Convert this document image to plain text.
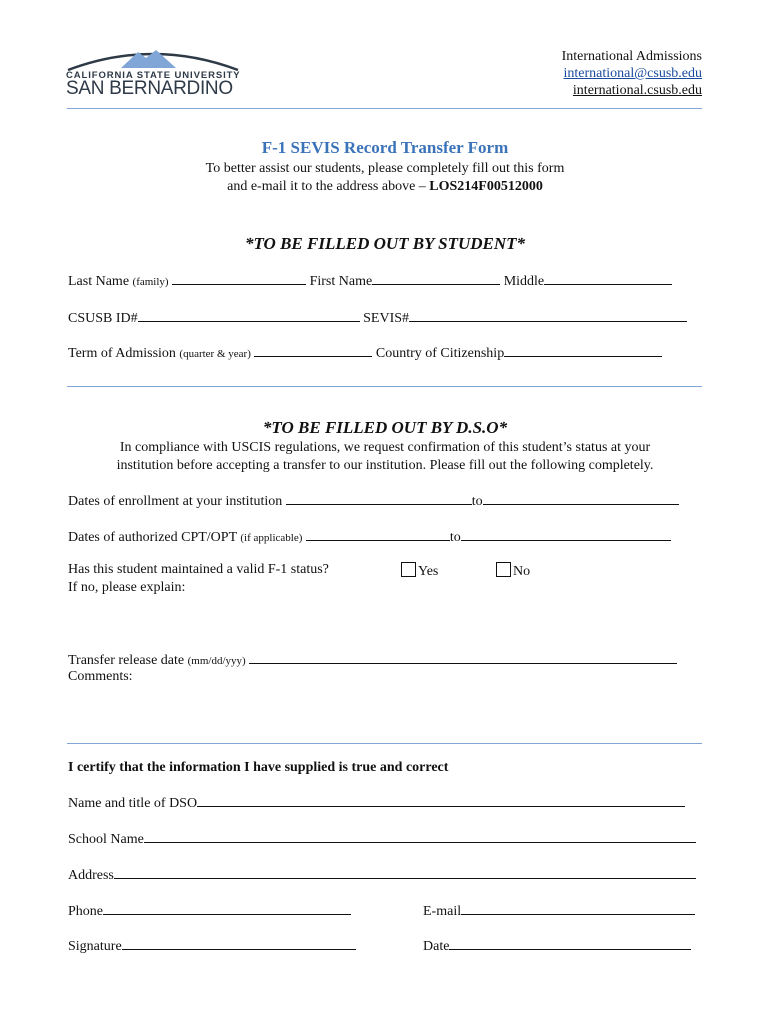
CALIFORNIA STATE UNIVERSITY
SAN BERNARDINO
International Admissions
international@csusb.edu
international.csusb.edu
F-1 SEVIS Record Transfer Form
To better assist our students, please completely fill out this form
and e-mail it to the address above – LOS214F00512000
*TO BE FILLED OUT BY STUDENT*
Last Name (family)	First Name	Middle
CSUSB ID#	SEVIS#
Term of Admission (quarter & year)	Country of Citizenship
*TO BE FILLED OUT BY D.S.O*
In compliance with USCIS regulations, we request confirmation of this student’s status at your
institution before accepting a transfer to our institution. Please fill out the following completely.
Dates of enrollment at your institution	to
Dates of authorized CPT/OPT (if applicable)	to
Has this student maintained a valid F-1 status?	Yes	No
If no, please explain:
Transfer release date (mm/dd/yyy)
Comments:
I certify that the information I have supplied is true and correct
Name and title of DSO
School Name
Address
Phone	E-mail
Signature	Date
